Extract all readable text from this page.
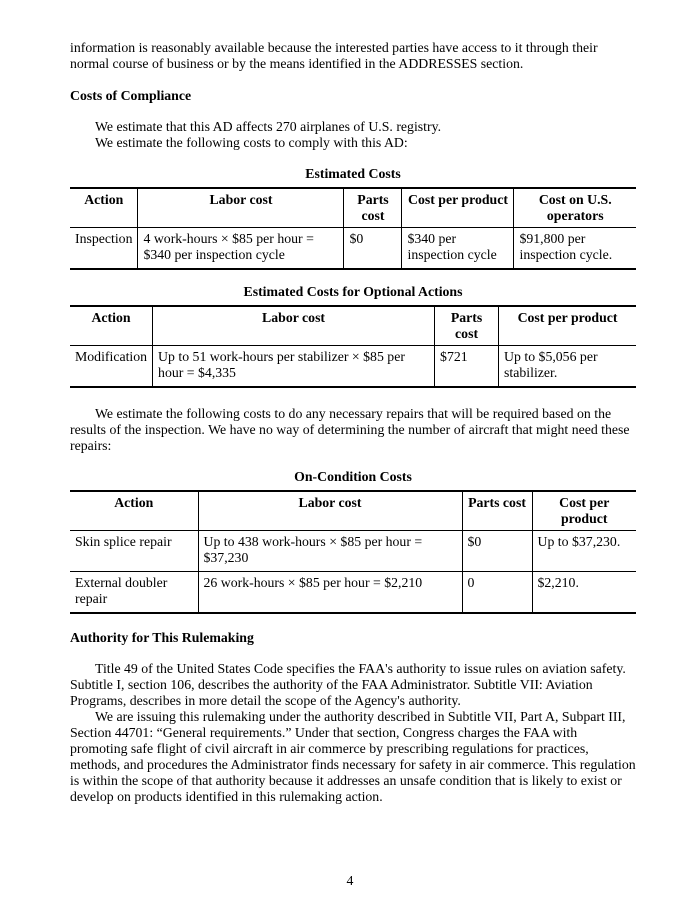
information is reasonably available because the interested parties have access to it through their normal course of business or by the means identified in the ADDRESSES section.

Costs of Compliance

We estimate that this AD affects 270 airplanes of U.S. registry.

We estimate the following costs to comply with this AD:

Estimated Costs
Action	Labor cost	Parts cost	Cost per product	Cost on U.S. operators
Inspection	4 work-hours × $85 per hour = $340 per inspection cycle	$0	$340 per inspection cycle	$91,800 per inspection cycle.
Estimated Costs for Optional Actions
Action	Labor cost	Parts cost	Cost per product
Modification	Up to 51 work-hours per stabilizer × $85 per hour = $4,335	$721	Up to $5,056 per stabilizer.

We estimate the following costs to do any necessary repairs that will be required based on the results of the inspection. We have no way of determining the number of aircraft that might need these repairs:

On-Condition Costs
Action	Labor cost	Parts cost	Cost per product
Skin splice repair	Up to 438 work-hours × $85 per hour = $37,230	$0	Up to $37,230.
External doubler repair	26 work-hours × $85 per hour = $2,210	0	$2,210.
Authority for This Rulemaking

Title 49 of the United States Code specifies the FAA's authority to issue rules on aviation safety. Subtitle I, section 106, describes the authority of the FAA Administrator. Subtitle VII: Aviation Programs, describes in more detail the scope of the Agency's authority.

We are issuing this rulemaking under the authority described in Subtitle VII, Part A, Subpart III, Section 44701: “General requirements.” Under that section, Congress charges the FAA with promoting safe flight of civil aircraft in air commerce by prescribing regulations for practices, methods, and procedures the Administrator finds necessary for safety in air commerce. This regulation is within the scope of that authority because it addresses an unsafe condition that is likely to exist or develop on products identified in this rulemaking action.

4
